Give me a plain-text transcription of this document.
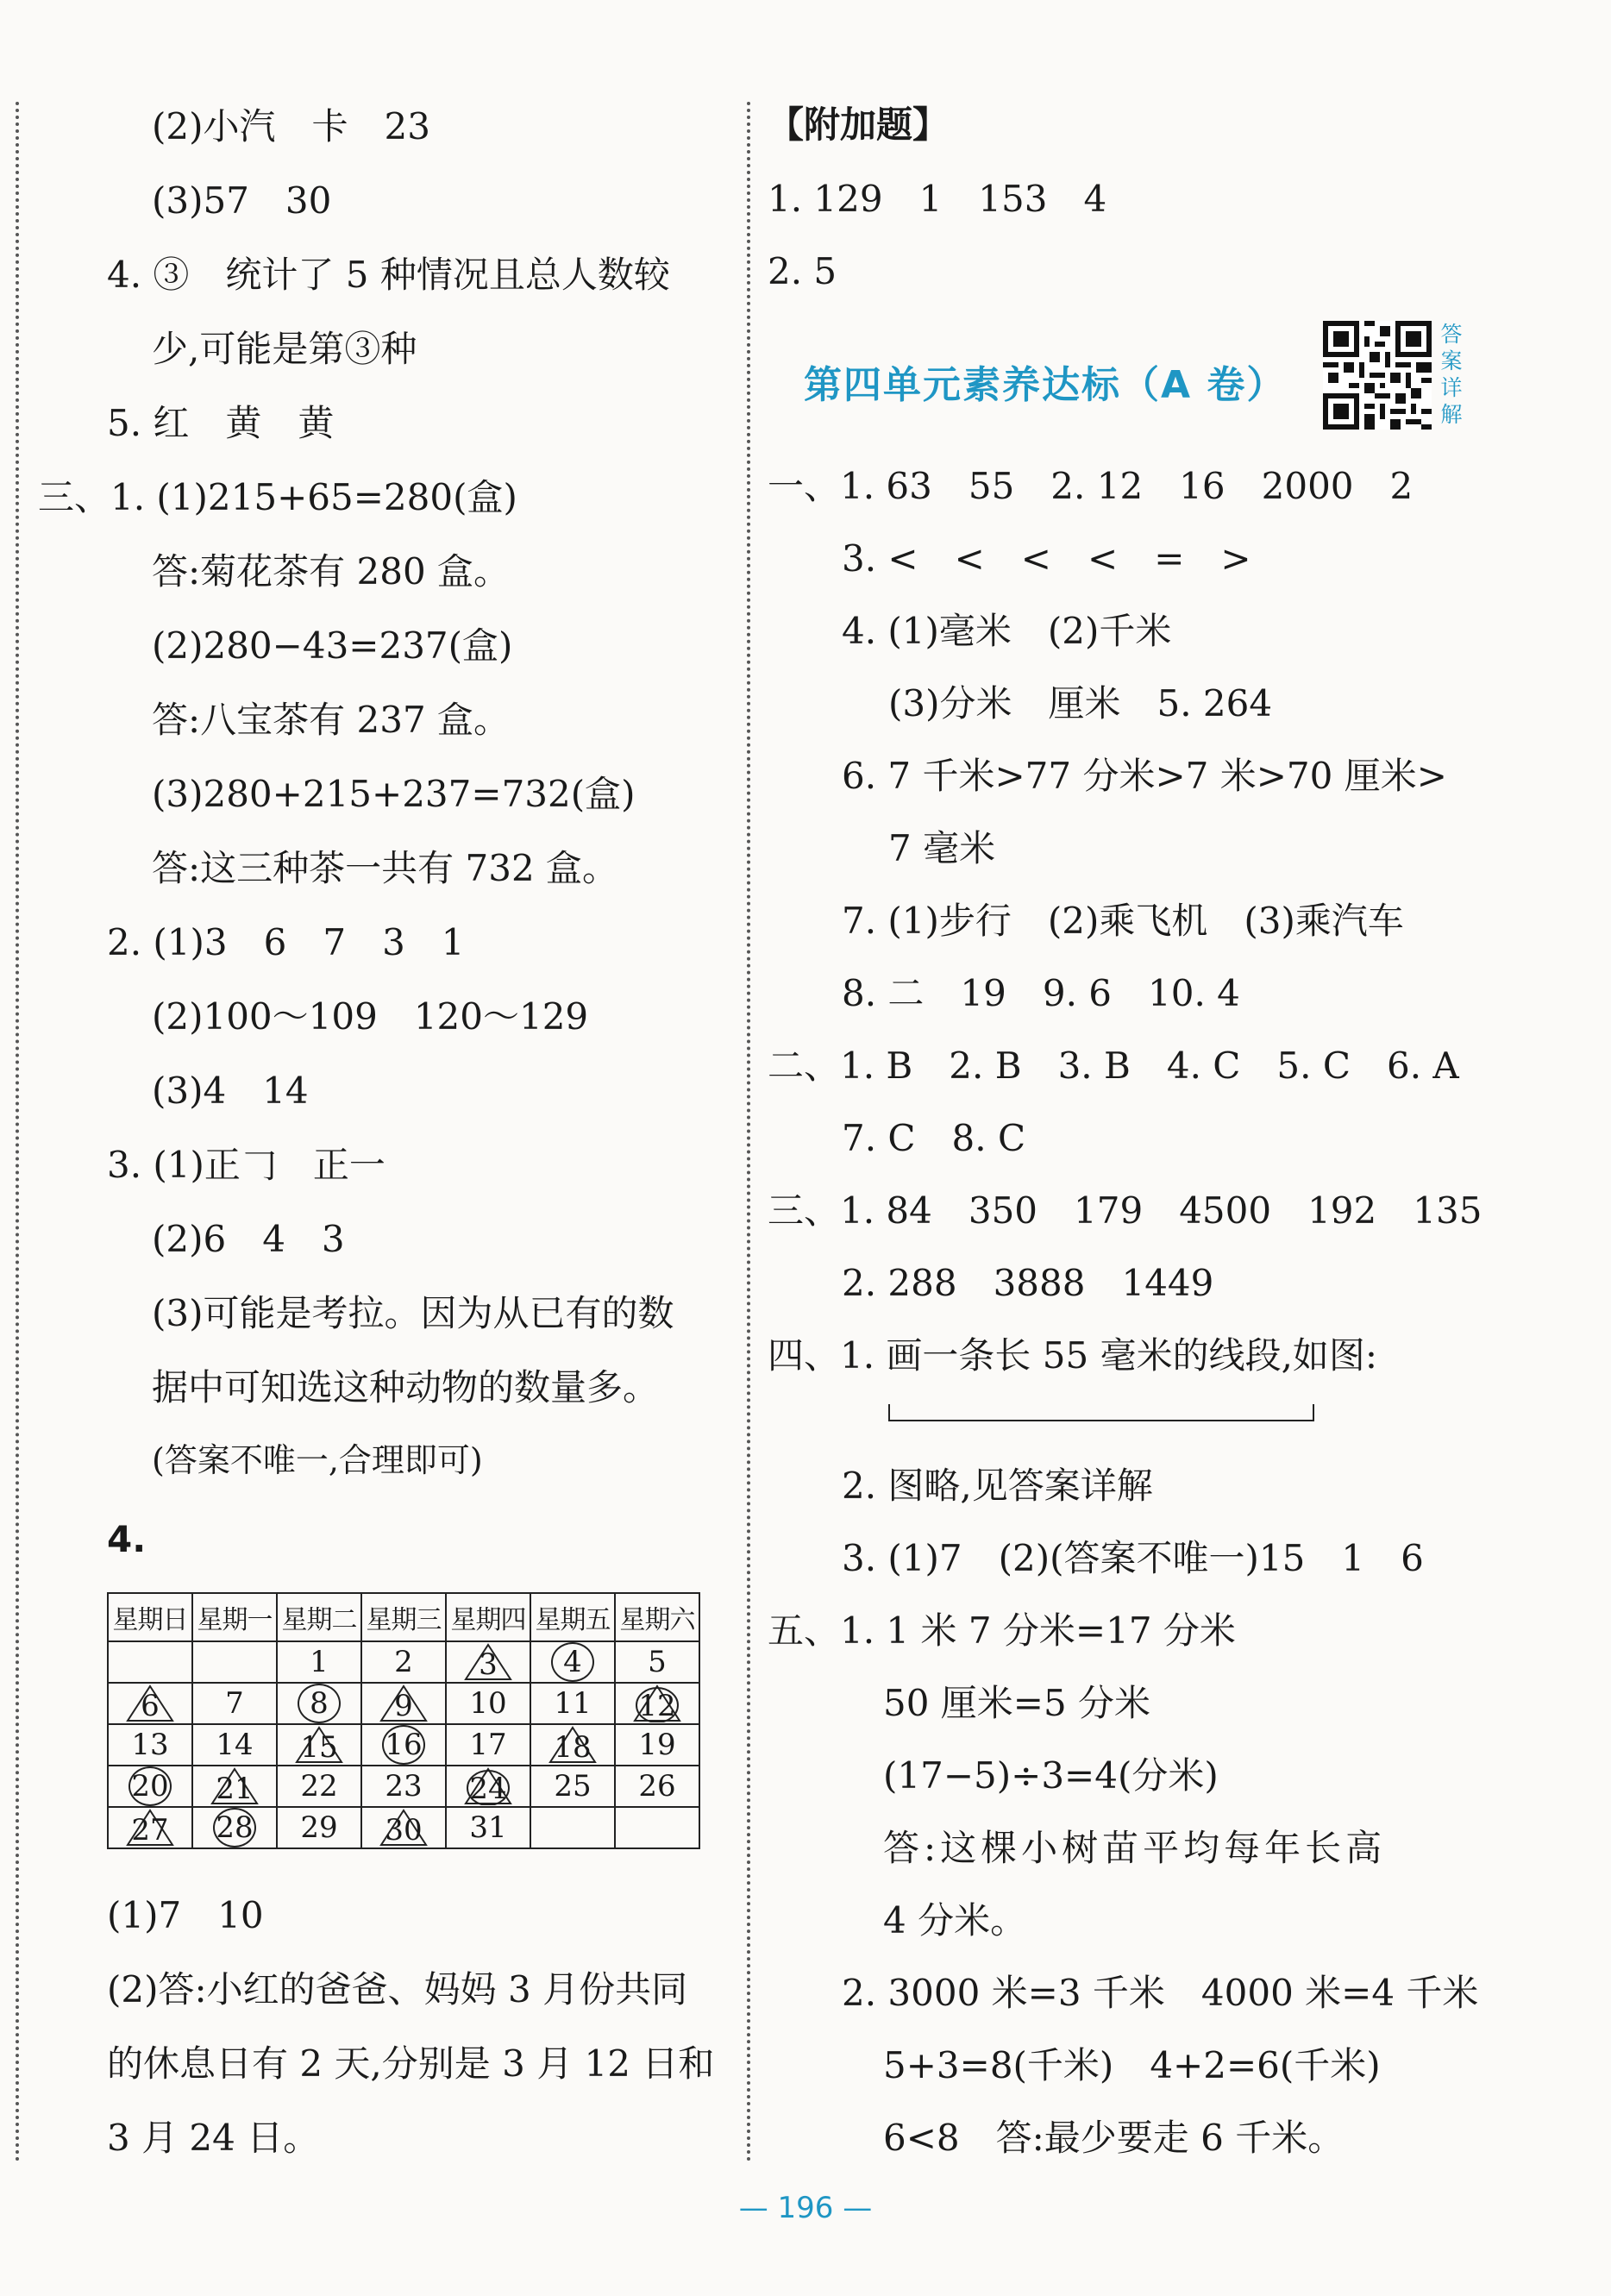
(2)小汽　卡　23
(3)57　30
4. ③　统计了 5 种情况且总人数较
少,可能是第③种
5. 红　黄　黄
三、1. (1)215+65=280(盒)
答:菊花茶有 280 盒。
(2)280−43=237(盒)
答:八宝茶有 237 盒。
(3)280+215+237=732(盒)
答:这三种茶一共有 732 盒。
2. (1)3　6　7　3　1
(2)100～109　120～129
(3)4　14
3. (1)正𠃌　正一
(2)6　4　3
(3)可能是考拉。因为从已有的数
据中可知选这种动物的数量多。
(答案不唯一,合理即可)
4.
星期日	星期一	星期二	星期三	星期四	星期五	星期六
		1	2	3	4	5

6	7	8	9	10	11	12
13	14	15	16	17	18	19
20	21	22	23	24	25	26

27	28	29	30	31		
(1)7　10
(2)答:小红的爸爸、妈妈 3 月份共同
的休息日有 2 天,分别是 3 月 12 日和
3 月 24 日。
【附加题】
1. 129　1　153　4
2. 5
第四单元素养达标（A 卷）
答
案
详
解
一、1. 63　55　2. 12　16　2000　2
3. <　<　<　<　=　>
4. (1)毫米　(2)千米
(3)分米　厘米　5. 264
6. 7 千米>77 分米>7 米>70 厘米>
7 毫米
7. (1)步行　(2)乘飞机　(3)乘汽车
8. 二　19　9. 6　10. 4
二、1. B　2. B　3. B　4. C　5. C　6. A
7. C　8. C
三、1. 84　350　179　4500　192　135
2. 288　3888　1449
四、1. 画一条长 55 毫米的线段,如图:
2. 图略,见答案详解
3. (1)7　(2)(答案不唯一)15　1　6
五、1. 1 米 7 分米=17 分米
50 厘米=5 分米
(17−5)÷3=4(分米)
答:这棵小树苗平均每年长高
4 分米。
2. 3000 米=3 千米　4000 米=4 千米
5+3=8(千米)　4+2=6(千米)
6<8　答:最少要走 6 千米。
— 196 —
